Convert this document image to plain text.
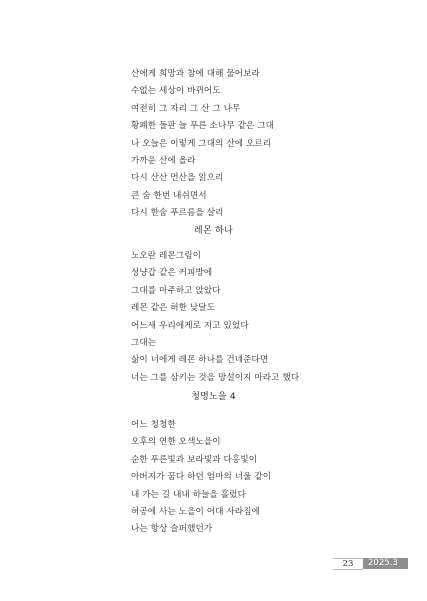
산에게 희망과 참에 대해 물어보라
수없는 세상이 바뀌어도
여전히 그 자리 그 산 그 나무
황폐한 들판 늘 푸른 소나무 같은 그대
나 오늘은 이렇게 그대의 산에 오르리
가까운 산에 올라
다시 산산 먼산을 읽으리
큰 숨 한번 내쉬면서
다시 한숨 푸르름을 살리
레몬 하나
노오란 레몬그림이
성냥갑 같은 커피방에
그대를 마주하고 앉았다
레몬 같은 허한 낮달도
어느새 우리에게로 지고 있었다
그대는
삶이 너에게 레몬 하나를 건네준다면
너는 그를 삼키는 것을 망설이지 마라고 했다
청명노을 4
어느 청청한
오후의 연한 오색노을이
순한 푸른빛과 보라빛과 다홍빛이
아버지가 꿈다 하던 엄마의 너울 같이
내 가는 길 내내 하늘을 흘렀다
허공에 사는 노을이 어대 사라짐에
나는 항상 슬퍼했던가
23	2025.3
